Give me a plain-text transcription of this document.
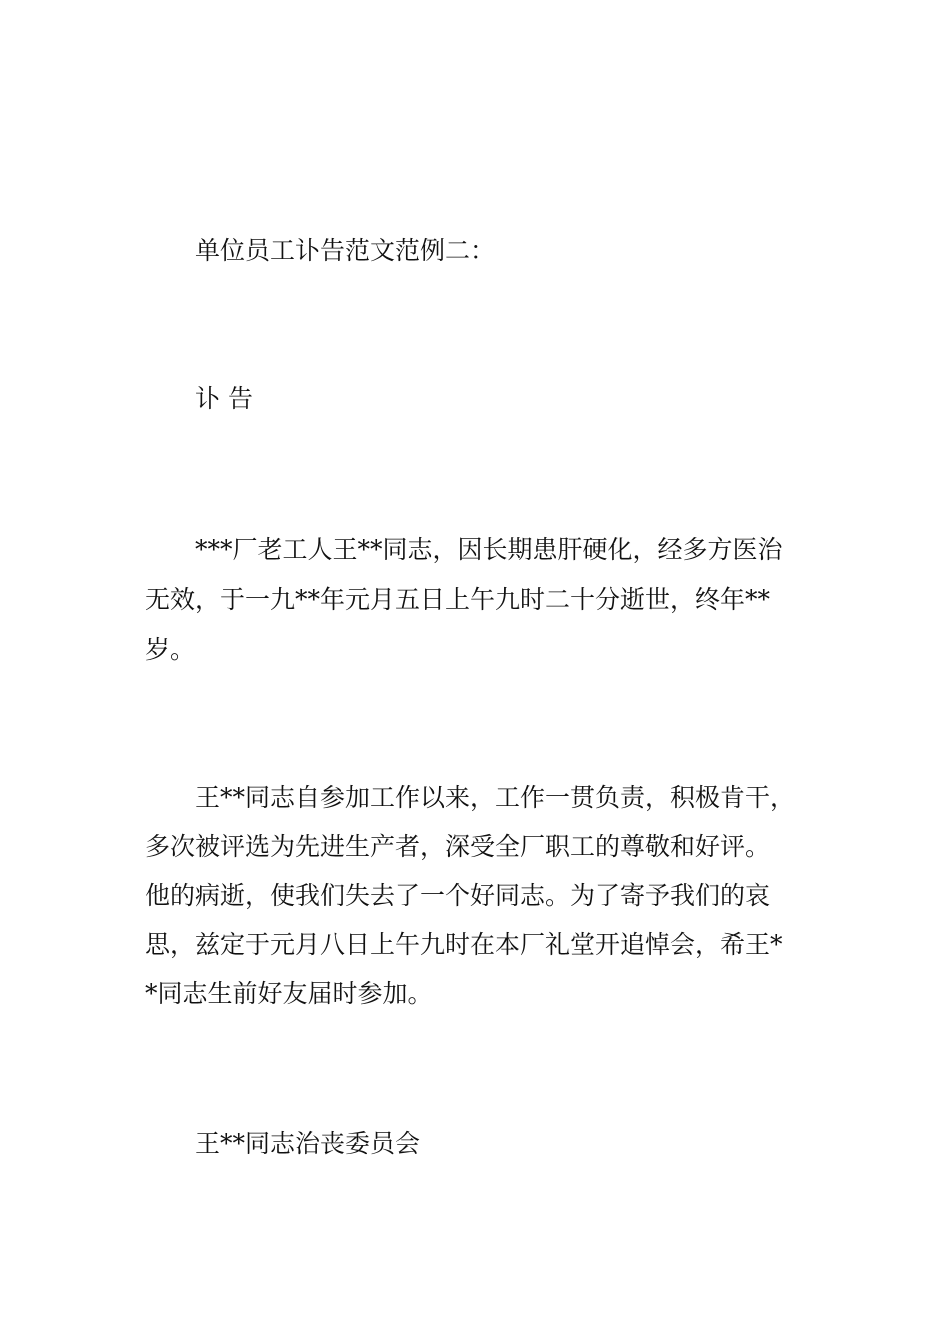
单位员工讣告范文范例二：
讣 告
***厂老工人王**同志，因长期患肝硬化，经多方医治
无效，于一九**年元月五日上午九时二十分逝世，终年**
岁。
王**同志自参加工作以来，工作一贯负责，积极肯干，
多次被评选为先进生产者，深受全厂职工的尊敬和好评。
他的病逝，使我们失去了一个好同志。为了寄予我们的哀
思，兹定于元月八日上午九时在本厂礼堂开追悼会，希王*
*同志生前好友届时参加。
王**同志治丧委员会
